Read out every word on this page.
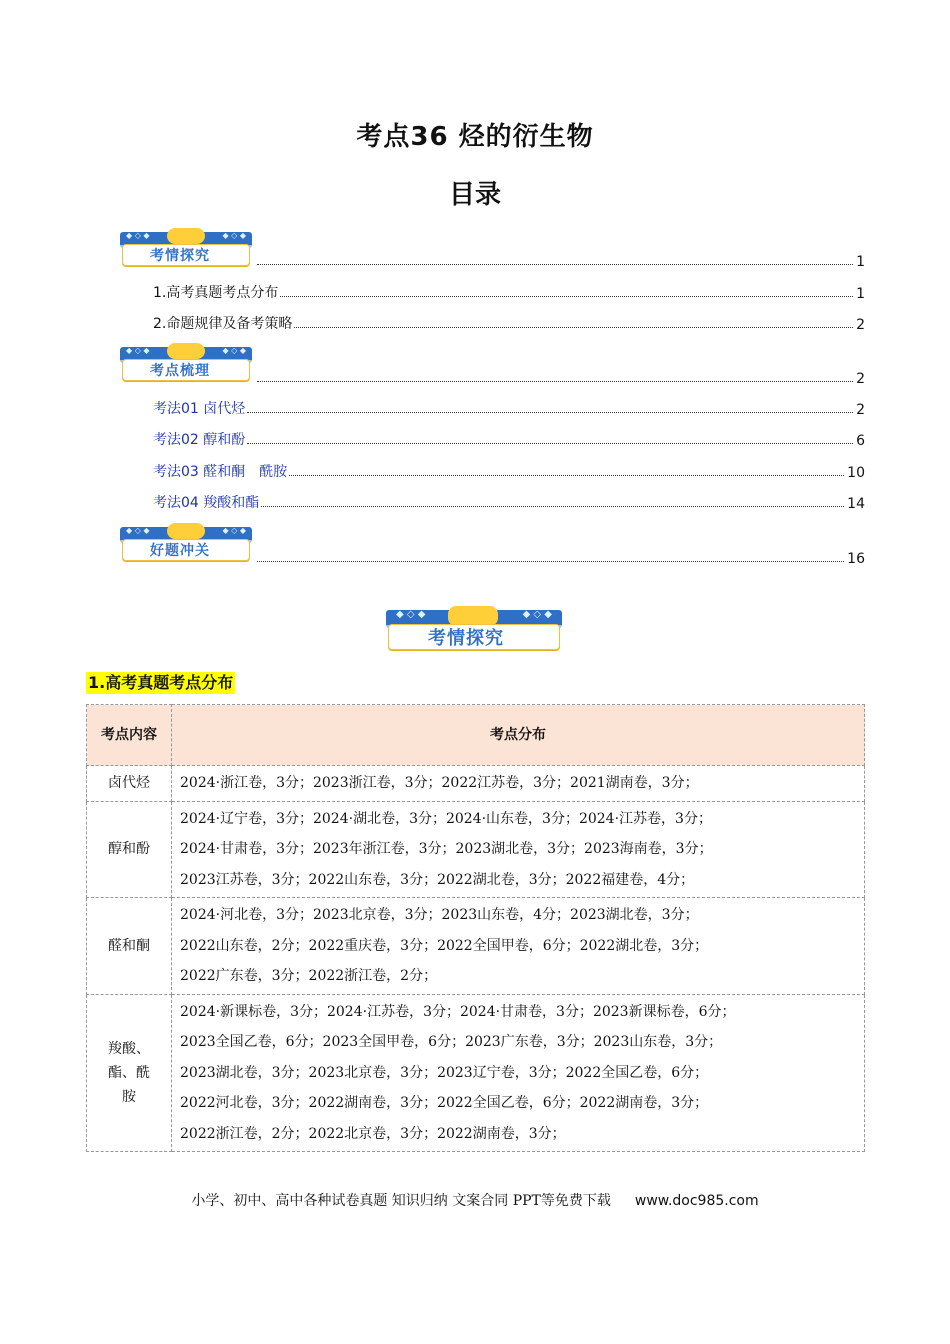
考点36 烃的衍生物
目录
◆ ◇ ◆	◆ ◇ ◆
考情探究	1
1.高考真题考点分布	1
2.命题规律及备考策略	2
◆ ◇ ◆	◆ ◇ ◆
考点梳理	2
考法01 卤代烃	2
考法02 醇和酚	6
考法03 醛和酮　酰胺	10
考法04 羧酸和酯	14
◆ ◇ ◆	◆ ◇ ◆
好题冲关	16
◆ ◇ ◆	◆ ◇ ◆
考情探究
1.高考真题考点分布
考点内容	考点分布
卤代烃	2024·浙江卷，3分；2023浙江卷，3分；2022江苏卷，3分；2021湖南卷，3分；

醇和酚	2024·辽宁卷，3分；2024·湖北卷，3分；2024·山东卷，3分；2024·江苏卷，3分；
2024·甘肃卷，3分；2023年浙江卷，3分；2023湖北卷，3分；2023海南卷，3分；
2023江苏卷，3分；2022山东卷，3分；2022湖北卷，3分；2022福建卷，4分；

醛和酮	2024·河北卷，3分；2023北京卷，3分；2023山东卷，4分；2023湖北卷，3分；
2022山东卷，2分；2022重庆卷，3分；2022全国甲卷，6分；2022湖北卷，3分；
2022广东卷，3分；2022浙江卷，2分；

羧酸、酯、酰胺	2024·新课标卷，3分；2024·江苏卷，3分；2024·甘肃卷，3分；2023新课标卷，6分；
2023全国乙卷，6分；2023全国甲卷，6分；2023广东卷，3分；2023山东卷，3分；
2023湖北卷，3分；2023北京卷，3分；2023辽宁卷，3分；2022全国乙卷，6分；
2022河北卷，3分；2022湖南卷，3分；2022全国乙卷，6分；2022湖南卷，3分；
2022浙江卷，2分；2022北京卷，3分；2022湖南卷，3分；
小学、初中、高中各种试卷真题 知识归纳 文案合同 PPT等免费下载 www.doc985.com
